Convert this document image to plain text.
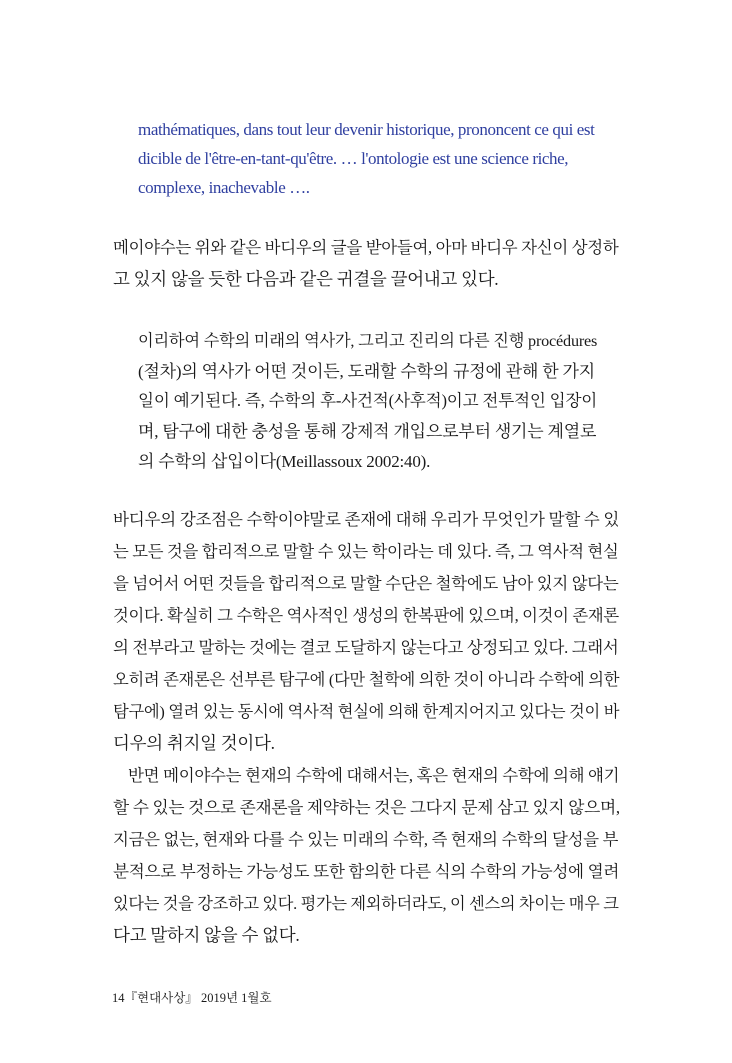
mathématiques, dans tout leur devenir historique, prononcent ce qui est

dicible de l'être-en-tant-qu'être. … l'ontologie est une science riche,

complexe, inachevable ….

메이야수는 위와 같은 바디우의 글을 받아들여, 아마 바디우 자신이 상정하

고 있지 않을 듯한 다음과 같은 귀결을 끌어내고 있다.

이리하여 수학의 미래의 역사가, 그리고 진리의 다른 진행 procédures

(절차)의 역사가 어떤 것이든, 도래할 수학의 규정에 관해 한 가지

일이 예기된다. 즉, 수학의 후-사건적(사후적)이고 전투적인 입장이

며, 탐구에 대한 충성을 통해 강제적 개입으로부터 생기는 계열로

의 수학의 삽입이다(Meillassoux 2002:40).

바디우의 강조점은 수학이야말로 존재에 대해 우리가 무엇인가 말할 수 있

는 모든 것을 합리적으로 말할 수 있는 학이라는 데 있다. 즉, 그 역사적 현실

을 넘어서 어떤 것들을 합리적으로 말할 수단은 철학에도 남아 있지 않다는

것이다. 확실히 그 수학은 역사적인 생성의 한복판에 있으며, 이것이 존재론

의 전부라고 말하는 것에는 결코 도달하지 않는다고 상정되고 있다. 그래서

오히려 존재론은 선부른 탐구에 (다만 철학에 의한 것이 아니라 수학에 의한

탐구에) 열려 있는 동시에 역사적 현실에 의해 한계지어지고 있다는 것이 바

디우의 취지일 것이다.

반면 메이야수는 현재의 수학에 대해서는, 혹은 현재의 수학에 의해 얘기

할 수 있는 것으로 존재론을 제약하는 것은 그다지 문제 삼고 있지 않으며,

지금은 없는, 현재와 다를 수 있는 미래의 수학, 즉 현재의 수학의 달성을 부

분적으로 부정하는 가능성도 또한 함의한 다른 식의 수학의 가능성에 열려

있다는 것을 강조하고 있다. 평가는 제외하더라도, 이 센스의 차이는 매우 크

다고 말하지 않을 수 없다.

14『현대사상』 2019년 1월호
